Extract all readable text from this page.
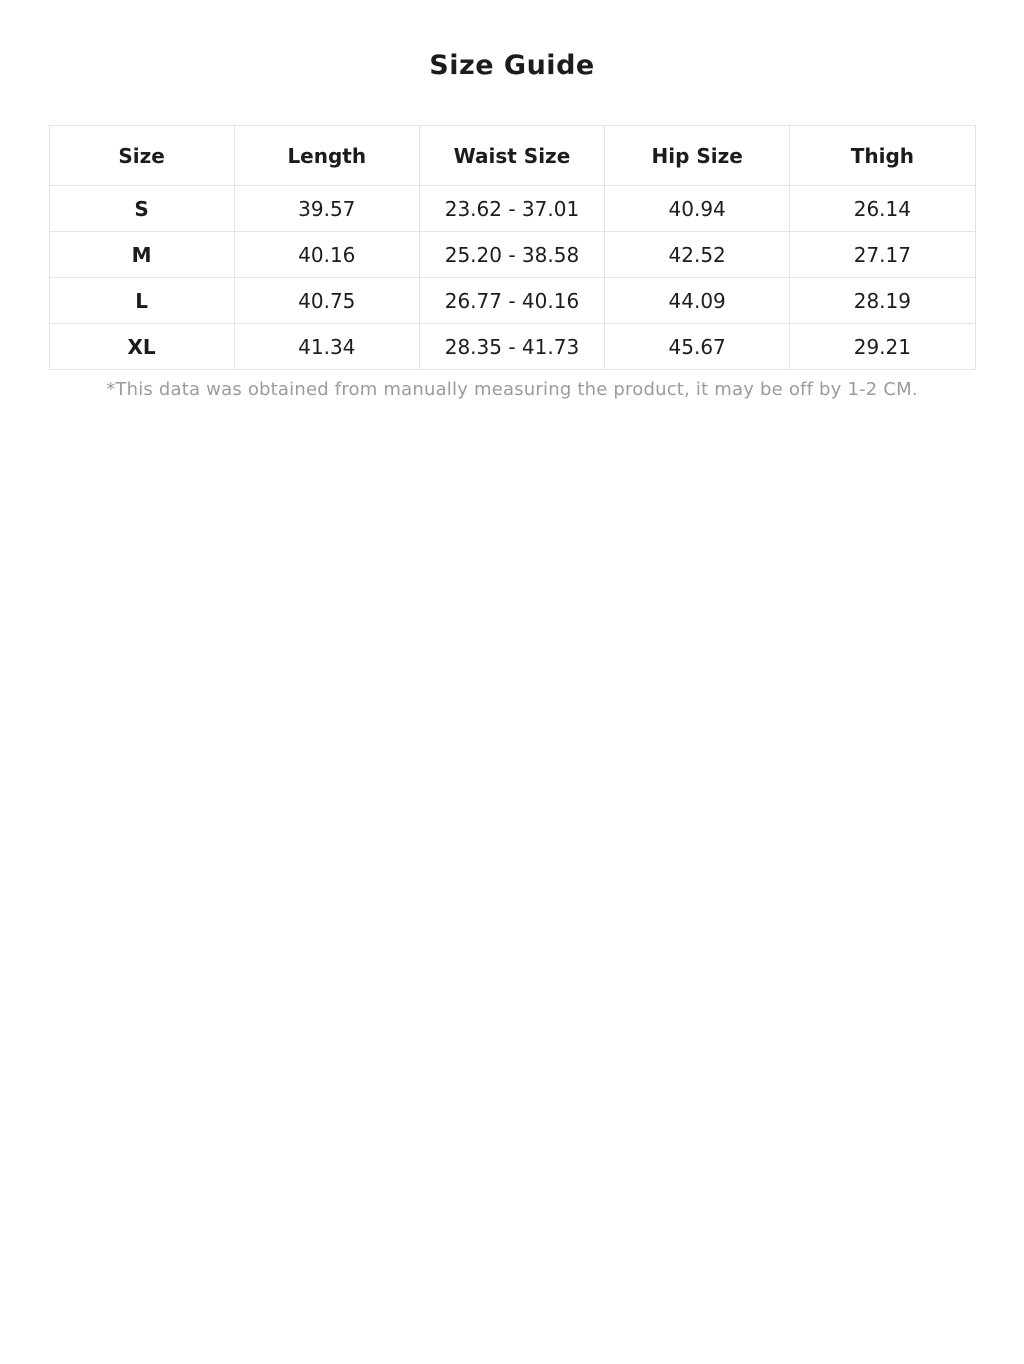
Size Guide
Size	Length	Waist Size	Hip Size	Thigh
S	39.57	23.62 - 37.01	40.94	26.14
M	40.16	25.20 - 38.58	42.52	27.17
L	40.75	26.77 - 40.16	44.09	28.19
XL	41.34	28.35 - 41.73	45.67	29.21
*This data was obtained from manually measuring the product, it may be off by 1-2 CM.
